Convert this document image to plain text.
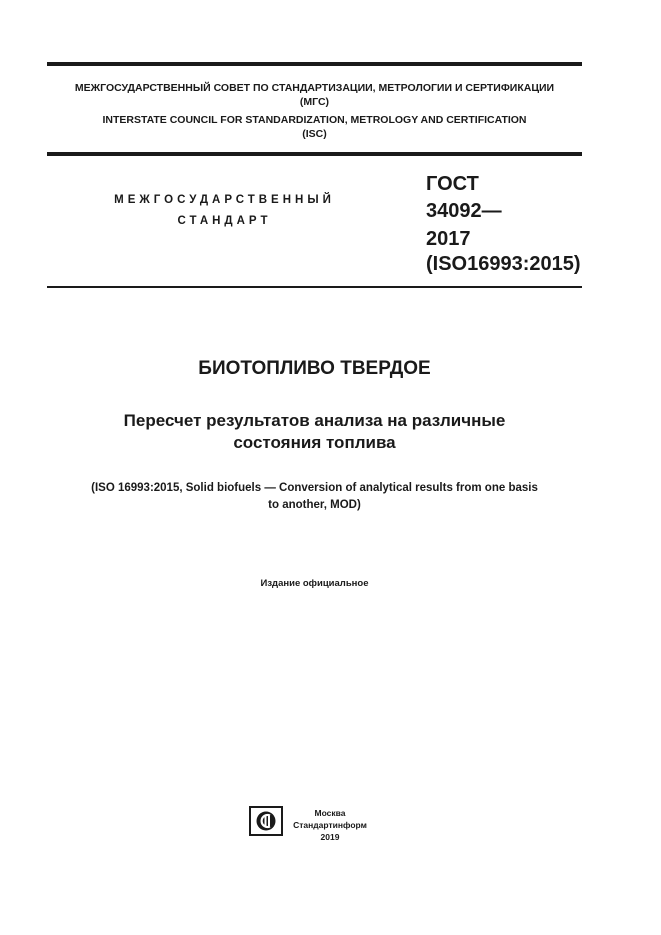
МЕЖГОСУДАРСТВЕННЫЙ СОВЕТ ПО СТАНДАРТИЗАЦИИ, МЕТРОЛОГИИ И СЕРТИФИКАЦИИ
(МГС)
INTERSTATE COUNCIL FOR STANDARDIZATION, METROLOGY AND CERTIFICATION
(ISC)
МЕЖГОСУДАРСТВЕННЫЙ
СТАНДАРТ
ГОСТ
34092—
2017
(ISO16993:2015)
БИОТОПЛИВО ТВЕРДОЕ
Пересчет результатов анализа на различные
состояния топлива
(ISO 16993:2015, Solid biofuels — Conversion of analytical results from one basis
to another, MOD)
Издание официальное
Москва
Стандартинформ
2019
